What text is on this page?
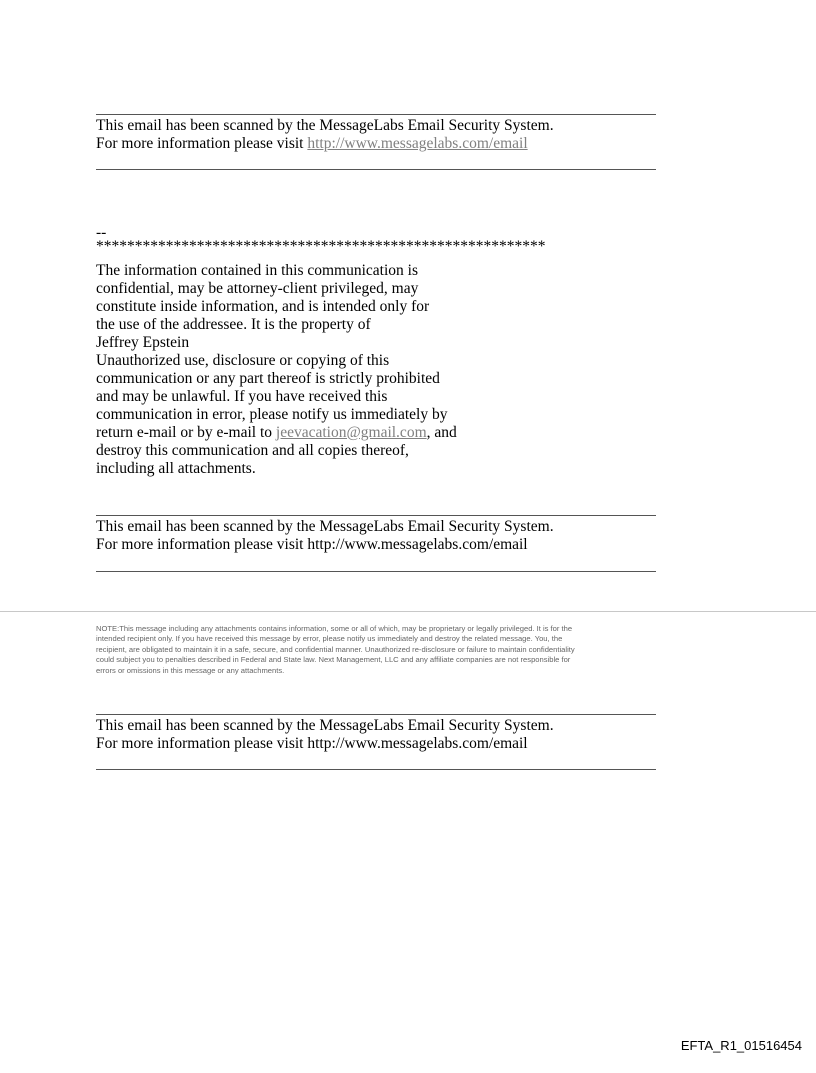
This email has been scanned by the MessageLabs Email Security System.
For more information please visit http://www.messagelabs.com/email
--
**********************************************************
The information contained in this communication is
confidential, may be attorney-client privileged, may
constitute inside information, and is intended only for
the use of the addressee. It is the property of
Jeffrey Epstein
Unauthorized use, disclosure or copying of this
communication or any part thereof is strictly prohibited
and may be unlawful. If you have received this
communication in error, please notify us immediately by
return e-mail or by e-mail to jeevacation@gmail.com, and
destroy this communication and all copies thereof,
including all attachments.
This email has been scanned by the MessageLabs Email Security System.
For more information please visit http://www.messagelabs.com/email
NOTE:This message including any attachments contains information, some or all of which, may be proprietary or legally privileged. It is for the
intended recipient only. If you have received this message by error, please notify us immediately and destroy the related message. You, the
recipient, are obligated to maintain it in a safe, secure, and confidential manner. Unauthorized re-disclosure or failure to maintain confidentiality
could subject you to penalties described in Federal and State law. Next Management, LLC and any affiliate companies are not responsible for
errors or omissions in this message or any attachments.
This email has been scanned by the MessageLabs Email Security System.
For more information please visit http://www.messagelabs.com/email
EFTA_R1_01516454
